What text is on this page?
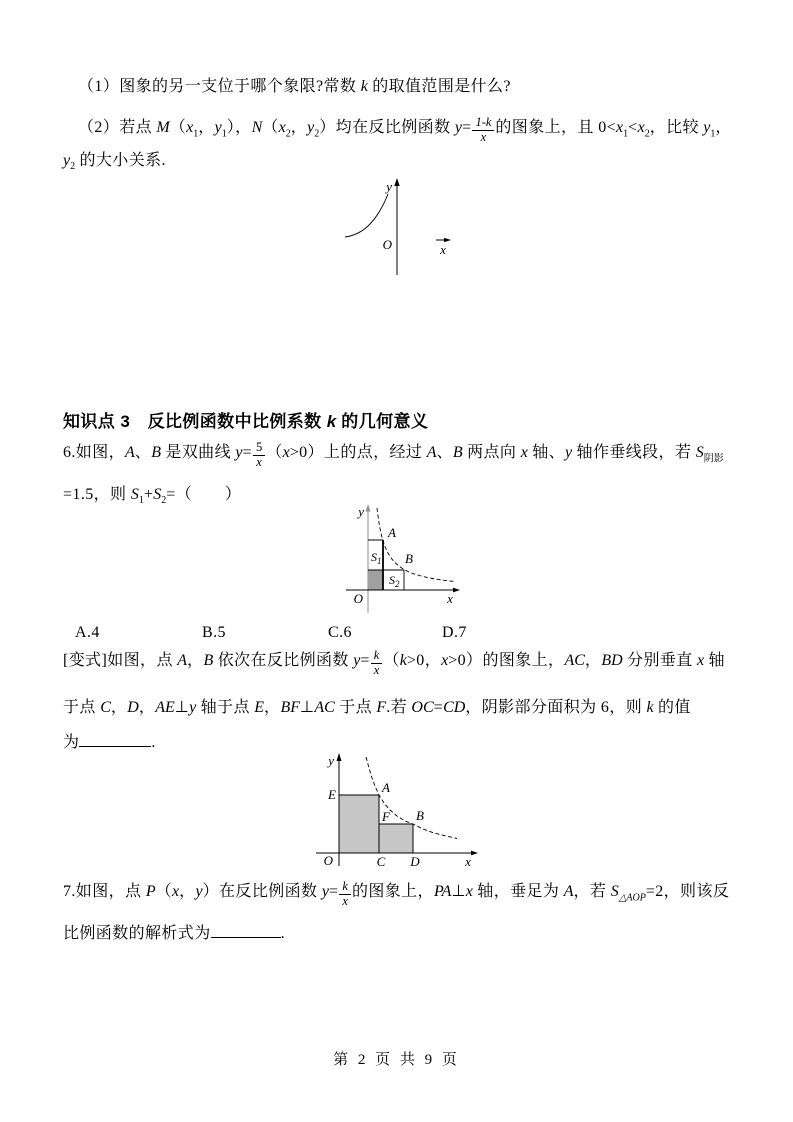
（1）图象的另一支位于哪个象限?常数 k 的取值范围是什么?
（2）若点 $M(x_1$，$y_1$），$N(x_2$，$y_2$）均在反比例函数 $y= \frac{1-k}{x}$ 的图象上，且 $0<x_1<x_2$，比较 $y_1$，
$y_2$ 的大小关系.
y
O	x
知识点 3　反比例函数中比例系数 k 的几何意义
6.如图，A、B 是双曲线 $y= \frac{5}{x} (x>0)$上的点，经过 A、B 两点向 x 轴、y 轴作垂线段，若 $S_{阴影}$
=1.5，则 $S_1+S_2=$（　　）
y
x
O
A
B
$S_1$
$S_2$
A.4	B.5	C.6	D.7
[变式]如图，点 A，B 依次在反比例函数 $y= \frac{k}{x} (k>0$，x>0）的图象上，AC，BD 分别垂直 x 轴
于点 C，D，AE⊥y 轴于点 E，BF⊥AC 于点 F.若 OC=CD，阴影部分面积为 6，则 k 的值
为	.
y
x
O
E	A
F B
C D
7.如图，点 P（x，y）在反比例函数 $y= \frac{k}{x}$ 的图象上，PA⊥x 轴，垂足为 A，若 $S_{\triangle AOP}=2$，则该反
比例函数的解析式为	.
第 2 页 共 9 页
